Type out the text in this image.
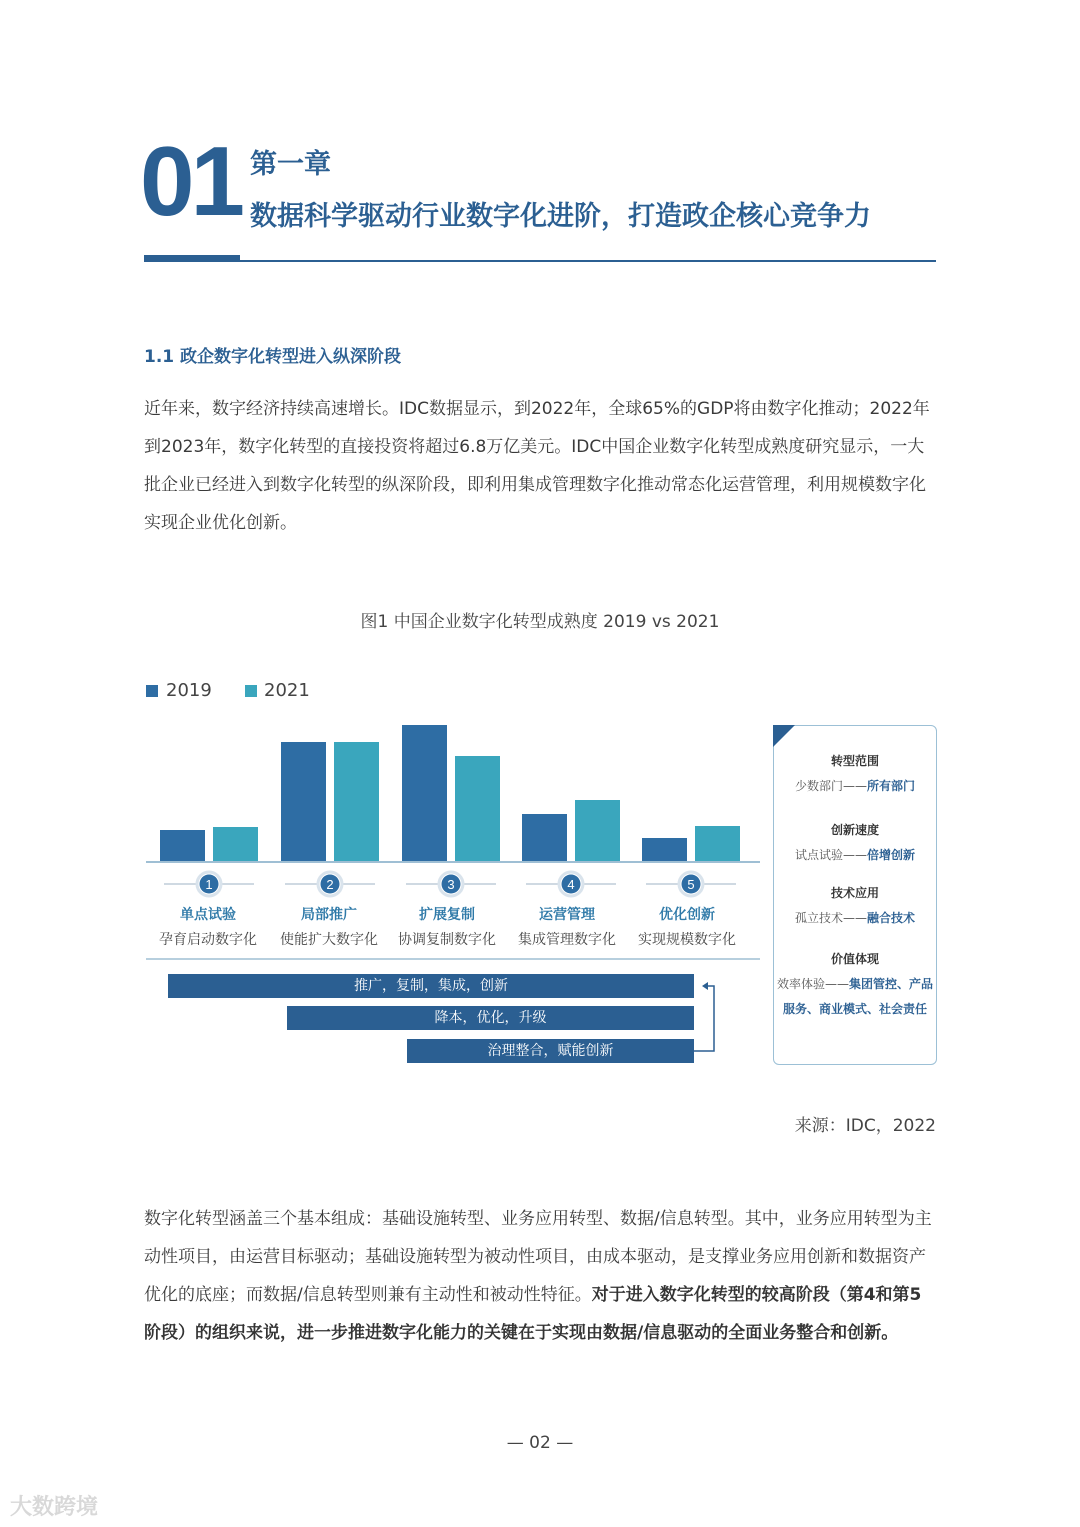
01 第一章
数据科学驱动行业数字化进阶，打造政企核心竞争力
1.1 政企数字化转型进入纵深阶段
近年来，数字经济持续高速增长。IDC数据显示，到2022年，全球65%的GDP将由数字化推动；2022年到2023年，数字化转型的直接投资将超过6.8万亿美元。IDC中国企业数字化转型成熟度研究显示，一大批企业已经进入到数字化转型的纵深阶段，即利用集成管理数字化推动常态化运营管理，利用规模数字化实现企业优化创新。
图1 中国企业数字化转型成熟度 2019 vs 2021
2019	2021
1	2	3	4	5
单点试验	局部推广	扩展复制	运营管理	优化创新
孕育启动数字化	使能扩大数字化	协调复制数字化	集成管理数字化	实现规模数字化
推广，复制，集成，创新
降本，优化，升级
治理整合，赋能创新
转型范围
少数部门——所有部门
创新速度
试点试验——倍增创新
技术应用
孤立技术——融合技术
价值体现
效率体验——集团管控、产品
服务、商业模式、社会责任
来源：IDC，2022
数字化转型涵盖三个基本组成：基础设施转型、业务应用转型、数据/信息转型。其中，业务应用转型为主动性项目，由运营目标驱动；基础设施转型为被动性项目，由成本驱动，是支撑业务应用创新和数据资产优化的底座；而数据/信息转型则兼有主动性和被动性特征。对于进入数字化转型的较高阶段（第4和第5阶段）的组织来说，进一步推进数字化能力的关键在于实现由数据/信息驱动的全面业务整合和创新。
— 02 —
大数跨境
